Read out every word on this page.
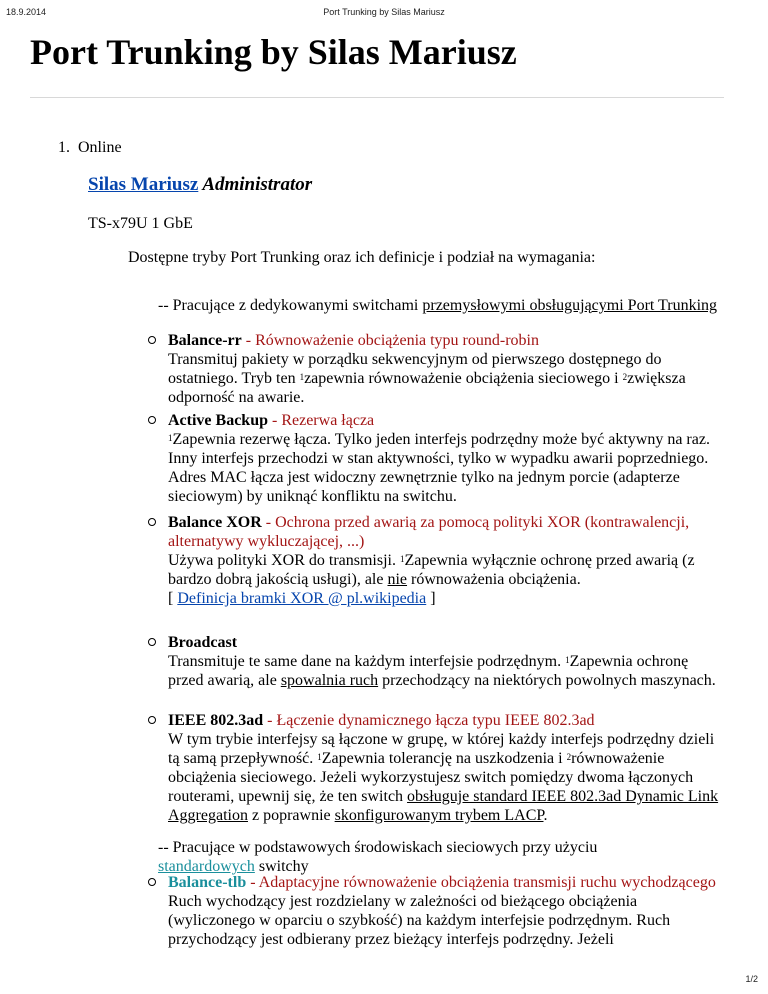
18.9.2014	Port Trunking by Silas Mariusz
Port Trunking by Silas Mariusz
1. Online
Silas Mariusz Administrator
TS-x79U 1 GbE
Dostępne tryby Port Trunking oraz ich definicje i podział na wymagania:
-- Pracujące z dedykowanymi switchami przemysłowymi obsługującymi Port Trunking
Balance-rr - Równoważenie obciążenia typu round-robin
Transmituj pakiety w porządku sekwencyjnym od pierwszego dostępnego do ostatniego. Tryb ten $^1$zapewnia równoważenie obciążenia sieciowego i $^2$zwiększa odporność na awarie.
Active Backup - Rezerwa łącza
$^1$Zapewnia rezerwę łącza. Tylko jeden interfejs podrzędny może być aktywny na raz. Inny interfejs przechodzi w stan aktywności, tylko w wypadku awarii poprzedniego. Adres MAC łącza jest widoczny zewnętrznie tylko na jednym porcie (adapterze sieciowym) by uniknąć konfliktu na switchu.
Balance XOR - Ochrona przed awarią za pomocą polityki XOR (kontrawalencji, alternatywy wykluczającej, ...)
Używa polityki XOR do transmisji. $^1$Zapewnia wyłącznie ochronę przed awarią (z bardzo dobrą jakością usługi), ale nie równoważenia obciążenia.
[ Definicja bramki XOR @ pl.wikipedia ]
Broadcast
Transmituje te same dane na każdym interfejsie podrzędnym. $^1$Zapewnia ochronę przed awarią, ale spowalnia ruch przechodzący na niektórych powolnych maszynach.
IEEE 802.3ad - Łączenie dynamicznego łącza typu IEEE 802.3ad
W tym trybie interfejsy są łączone w grupę, w której każdy interfejs podrzędny dzieli tą samą przepływność. $^1$Zapewnia tolerancję na uszkodzenia i $^2$równoważenie obciążenia sieciowego. Jeżeli wykorzystujesz switch pomiędzy dwoma łączonych routerami, upewnij się, że ten switch obsługuje standard IEEE 802.3ad Dynamic Link Aggregation z poprawnie skonfigurowanym trybem LACP.
-- Pracujące w podstawowych środowiskach sieciowych przy użyciu standardowych switchy
Balance-tlb - Adaptacyjne równoważenie obciążenia transmisji ruchu wychodzącego
Ruch wychodzący jest rozdzielany w zależności od bieżącego obciążenia (wyliczonego w oparciu o szybkość) na każdym interfejsie podrzędnym. Ruch przychodzący jest odbierany przez bieżący interfejs podrzędny. Jeżeli
1/2
